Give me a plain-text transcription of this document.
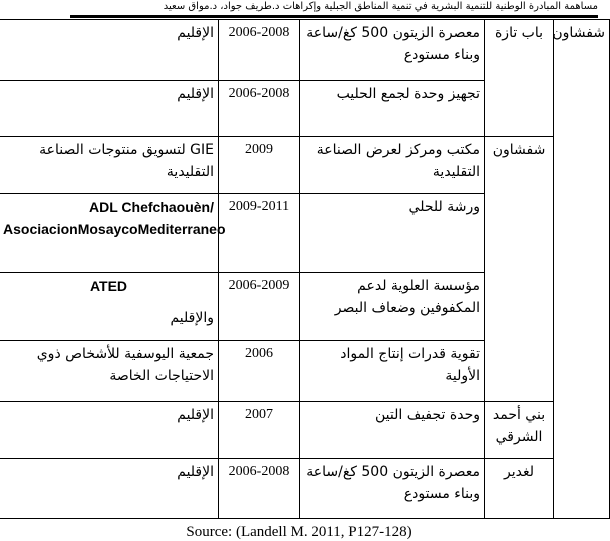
مساهمة المبادرة الوطنية للتنمية البشرية في تنمية المناطق الجبلية وإكراهات د.طريف جواد، د.مواق سعيد
شفشاون	باب تازة	معصرة الزيتون 500 كغ/ساعة وبناء مستودع	2006-2008	الإقليم
		تجهيز وحدة لجمع الحليب	2006-2008	الإقليم

	شفشاون	مكتب ومركز لعرض الصناعة التقليدية	2009	GIE لتسويق منتوجات الصناعة التقليدية
		ورشة للحلي	2009-2011	ADL Chefchaouèn/ AsociacionMosaycoMediterraneo
		مؤسسة العلوية لدعم المكفوفين وضعاف البصر	2006-2009	ATED
والإقليم

		تقوية قدرات إنتاج المواد الأولية	2006	جمعية اليوسفية للأشخاص ذوي الاحتياجات الخاصة

	بني أحمد الشرقي	وحدة تجفيف التين	2007	الإقليم

	لغدير	معصرة الزيتون 500 كغ/ساعة وبناء مستودع	2006-2008	الإقليم
Source: (Landell M. 2011, P127-128)
